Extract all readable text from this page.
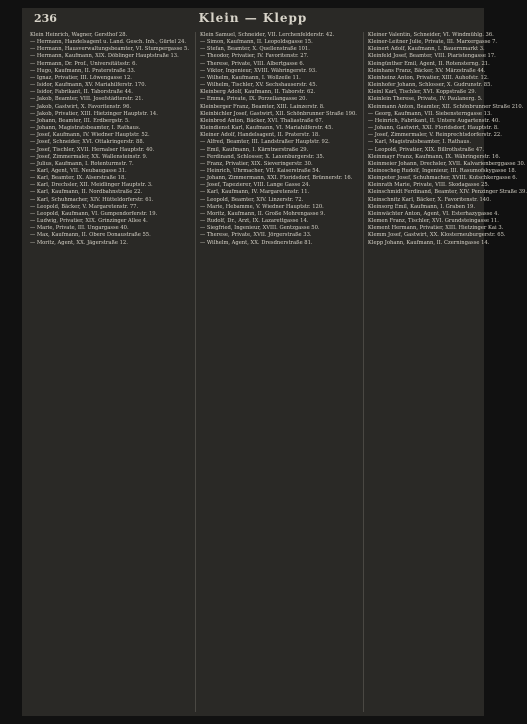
236	Klein — Klepp
Klein Heinrich, Wagner, Gersthof 28.
— Hermann, Handelsagent u. Land. Gesch. Inh., Gürtel 24.
— Hermann, Hausverwaltungsbeamter, VI. Stumpergasse 5.
— Hermann, Kaufmann, XIX. Döblinger Hauptstraße 13.
— Hermann, Dr. Prof., Universitätsstr. 6.
— Hugo, Kaufmann, II. Praterstraße 33.
— Ignaz, Privatier, III. Löwengasse 12.
— Isidor, Kaufmann, XV. Mariahilferstr. 170.
— Isidor, Fabrikant, II. Taborstraße 44.
— Jakob, Beamter, VIII. Josefstädterstr. 21.
— Jakob, Gastwirt, X. Favoritenstr. 96.
— Jakob, Privatier, XIII. Hietzinger Hauptstr. 14.
— Johann, Beamter, III. Erdbergstr. 5.
— Johann, Magistratsbeamter, I. Rathaus.
— Josef, Kaufmann, IV. Wiedner Hauptstr. 52.
— Josef, Schneider, XVI. Ottakringerstr. 88.
— Josef, Tischler, XVII. Hernalser Hauptstr. 40.
— Josef, Zimmermaler, XX. Wallensteinstr. 9.
— Julius, Kaufmann, I. Rotenturmstr. 7.
— Karl, Agent, VII. Neubaugasse 31.
— Karl, Beamter, IX. Alserstraße 18.
— Karl, Drechsler, XII. Meidlinger Hauptstr. 3.
— Karl, Kaufmann, II. Nordbahnstraße 22.
— Karl, Schuhmacher, XIV. Hütteldorferstr. 61.
— Leopold, Bäcker, V. Margaretenstr. 77.
— Leopold, Kaufmann, VI. Gumpendorferstr. 19.
— Ludwig, Privatier, XIX. Grinzinger Allee 4.
— Marie, Private, III. Ungargasse 40.
— Max, Kaufmann, II. Obere Donaustraße 55.
— Moritz, Agent, XX. Jägerstraße 12.
Klein Samuel, Schneider, VII. Lerchenfelderstr. 42.
— Simon, Kaufmann, II. Leopoldsgasse 15.
— Stefan, Beamter, X. Quellenstraße 101.
— Theodor, Privatier, IV. Favoritenstr. 27.
— Therese, Private, VIII. Albertgasse 6.
— Viktor, Ingenieur, XVIII. Währingerstr. 93.
— Wilhelm, Kaufmann, I. Wollzeile 11.
— Wilhelm, Tischler, XV. Sechshauserstr. 45.
Kleinberg Adolf, Kaufmann, II. Taborstr. 62.
— Emma, Private, IX. Porzellangasse 20.
Kleinberger Franz, Beamter, XIII. Lainzerstr. 8.
Kleinbichler Josef, Gastwirt, XII. Schönbrunner Straße 190.
Kleinbrod Anton, Bäcker, XVI. Thaliastraße 67.
Kleindienst Karl, Kaufmann, VI. Mariahilferstr. 45.
Kleiner Adolf, Handelsagent, II. Praterstr. 18.
— Alfred, Beamter, III. Landstraßer Hauptstr. 92.
— Emil, Kaufmann, I. Kärntnerstraße 29.
— Ferdinand, Schlosser, X. Laxenburgerstr. 35.
— Franz, Privatier, XIX. Sieveringerstr. 30.
— Heinrich, Uhrmacher, VII. Kaiserstraße 54.
— Johann, Zimmermann, XXI. Floridsdorf, Brünnerstr. 16.
— Josef, Tapezierer, VIII. Lange Gasse 24.
— Karl, Kaufmann, IV. Margaretenstr. 11.
— Leopold, Beamter, XIV. Linzerstr. 72.
— Marie, Hebamme, V. Wiedner Hauptstr. 120.
— Moritz, Kaufmann, II. Große Mohrengasse 9.
— Rudolf, Dr., Arzt, IX. Lazarettgasse 14.
— Siegfried, Ingenieur, XVIII. Gentzgasse 50.
— Therese, Private, XVII. Jörgerstraße 33.
— Wilhelm, Agent, XX. Dresdnerstraße 81.
Kleiner Valentin, Schneider, VI. Windmühlg. 36.
Kleiner-Leitner Julie, Private, III. Marxergasse 7.
Kleinert Adolf, Kaufmann, I. Bauernmarkt 3.
Kleinfeld Josef, Beamter, VIII. Piaristengasse 17.
Kleingünther Emil, Agent, II. Rotensterng. 21.
Kleinhans Franz, Bäcker, XV. Märzstraße 44.
Kleinheinz Anton, Privatier, XIII. Auhofstr. 12.
Kleinhofer Johann, Schlosser, X. Gudrunstr. 85.
Kleinl Karl, Tischler, XVI. Koppstraße 29.
Kleinlein Therese, Private, IV. Paulanerg. 5.
Kleinmann Anton, Beamter, XII. Schönbrunner Straße 210.
— Georg, Kaufmann, VII. Siebensterngasse 13.
— Heinrich, Fabrikant, II. Untere Augartenstr. 40.
— Johann, Gastwirt, XXI. Floridsdorf, Hauptstr. 8.
— Josef, Zimmermaler, V. Reinprechtsdorferstr. 22.
— Karl, Magistratsbeamter, I. Rathaus.
— Leopold, Privatier, XIX. Billrothstraße 47.
Kleinmayr Franz, Kaufmann, IX. Währingerstr. 16.
Kleinmeier Johann, Drechsler, XVII. Kalvarienberggasse 30.
Kleinoscheg Rudolf, Ingenieur, III. Rasumofskygasse 18.
Kleinpeter Josef, Schuhmacher, XVIII. Kutschkergasse 6.
Kleinrath Marie, Private, VIII. Skodagasse 25.
Kleinschmidt Ferdinand, Beamter, XIV. Penzinger Straße 39.
Kleinschnitz Karl, Bäcker, X. Favoritenstr. 140.
Kleinsorg Emil, Kaufmann, I. Graben 19.
Kleinwächter Anton, Agent, VI. Esterhazygasse 4.
Klemen Franz, Tischler, XVI. Grundsteingasse 11.
Klement Hermann, Privatier, XIII. Hietzinger Kai 3.
Klemm Josef, Gastwirt, XX. Klosterneuburgerstr. 65.
Klepp Johann, Kaufmann, II. Czerningasse 14.
